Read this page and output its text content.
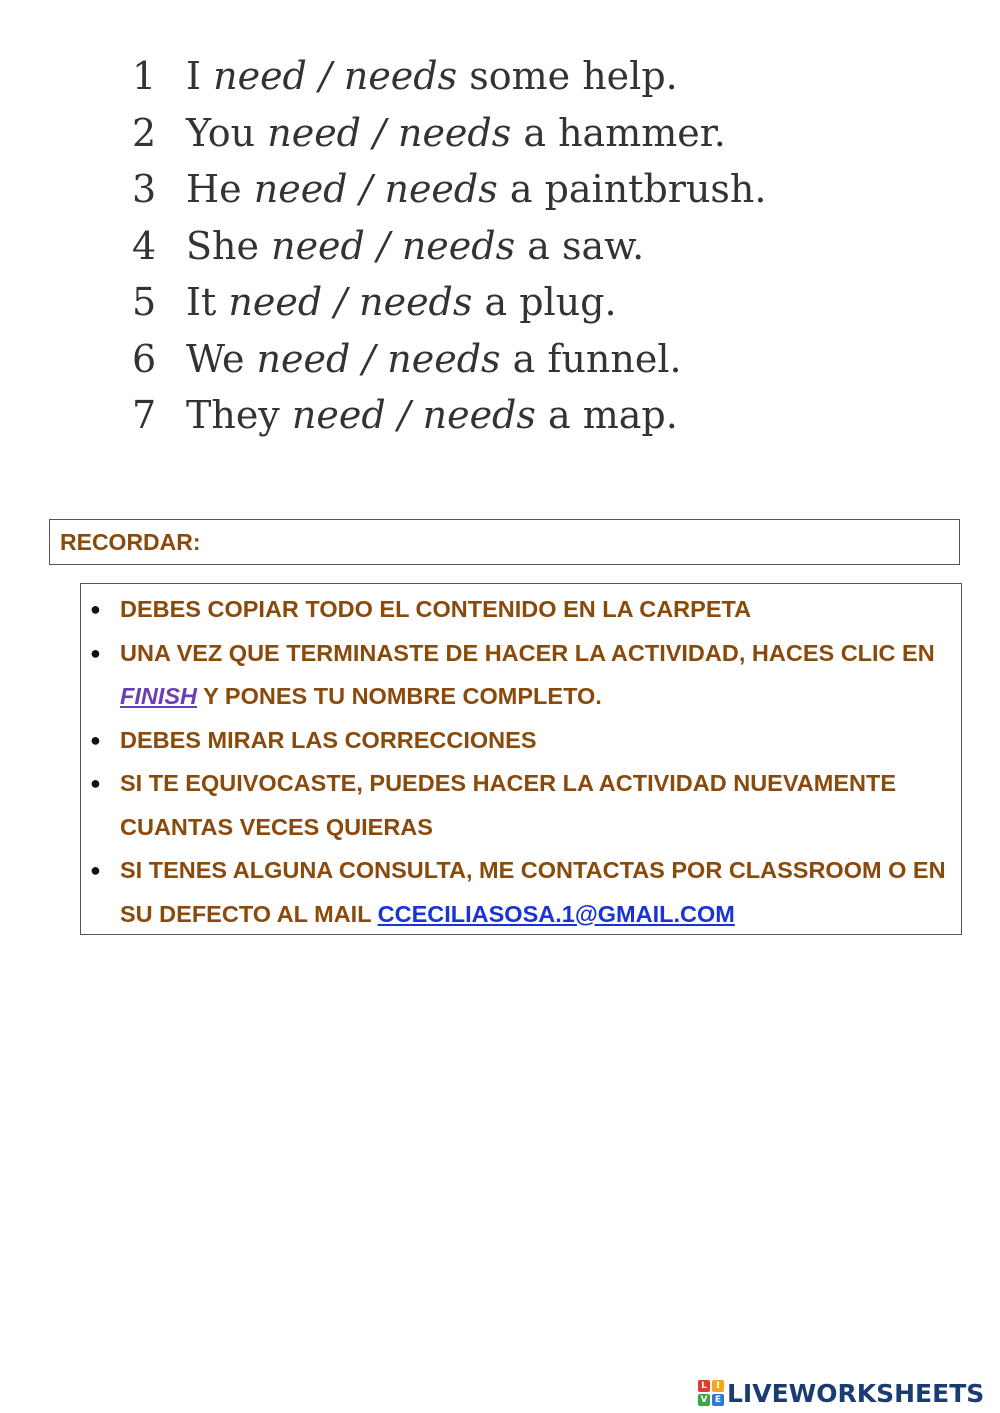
1 I need / needs some help.
2 You need / needs a hammer.
3 He need / needs a paintbrush.
4 She need / needs a saw.
5 It need / needs a plug.
6 We need / needs a funnel.
7 They need / needs a map.
RECORDAR:
● DEBES COPIAR TODO EL CONTENIDO EN LA CARPETA
● UNA VEZ QUE TERMINASTE DE HACER LA ACTIVIDAD, HACES CLIC EN FINISH Y PONES TU NOMBRE COMPLETO.
● DEBES MIRAR LAS CORRECCIONES
● SI TE EQUIVOCASTE, PUEDES HACER LA ACTIVIDAD NUEVAMENTE CUANTAS VECES QUIERAS
● SI TENES ALGUNA CONSULTA, ME CONTACTAS POR CLASSROOM O EN SU DEFECTO AL MAIL CCECILIASOSA.1@GMAIL.COM
L	I
V E LIVEWORKSHEETS
